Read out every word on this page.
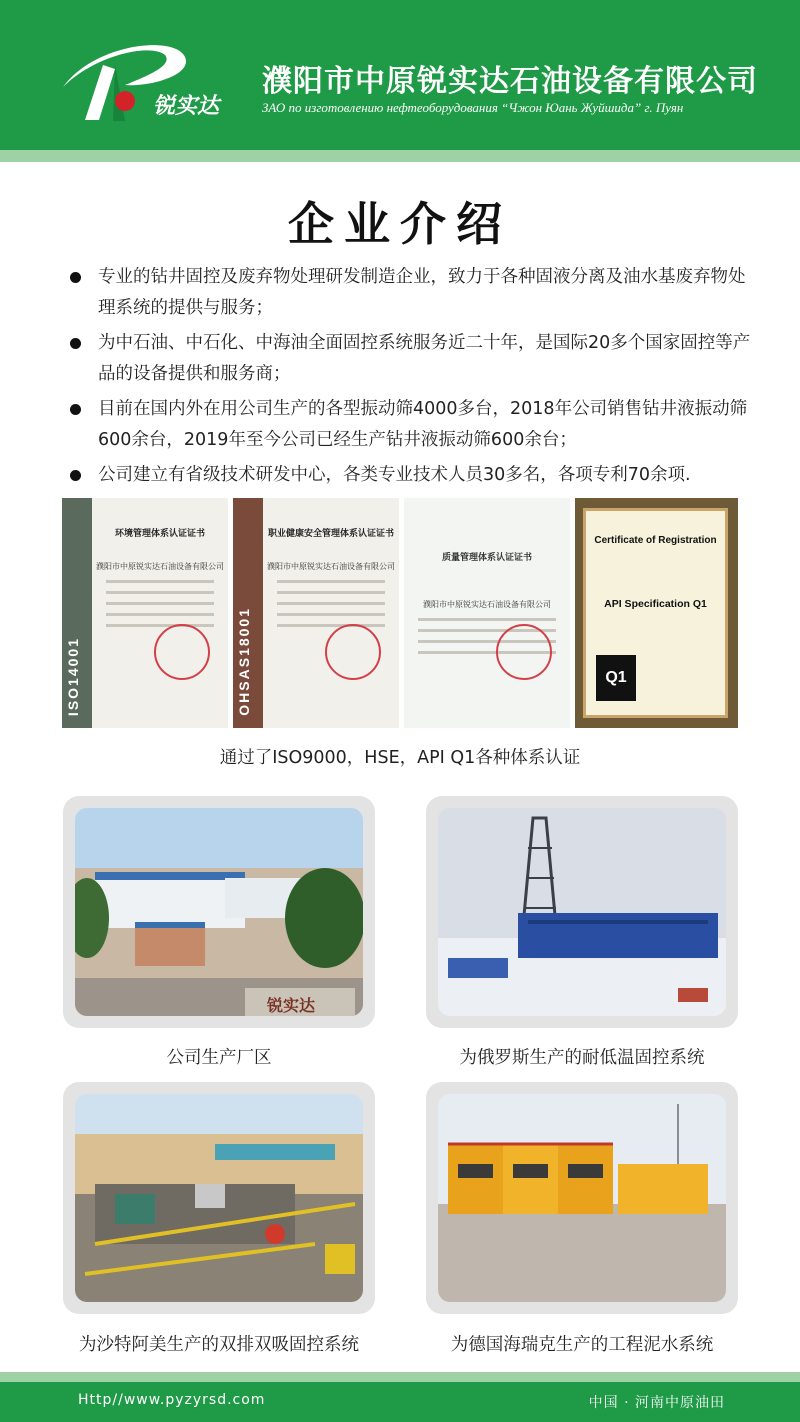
锐实达
濮阳市中原锐实达石油设备有限公司
ЗАО по изготовлению нефтеоборудования “Чжон Юань Жуйшида” г. Пуян
企业介绍
专业的钻井固控及废弃物处理研发制造企业，致力于各种固液分离及油水基废弃物处理系统的提供与服务；
为中石油、中石化、中海油全面固控系统服务近二十年，是国际20多个国家固控等产品的设备提供和服务商；
目前在国内外在用公司生产的各型振动筛4000多台，2018年公司销售钻井液振动筛600余台，2019年至今公司已经生产钻井液振动筛600余台；
公司建立有省级技术研发中心，各类专业技术人员30多名，各项专利70余项.
ISO14001
环境管理体系认证证书
濮阳市中原锐实达石油设备有限公司
OHSAS18001
职业健康安全管理体系认证证书
濮阳市中原锐实达石油设备有限公司
质量管理体系认证证书
濮阳市中原锐实达石油设备有限公司
Certificate of Registration
API Specification Q1
Q1
通过了ISO9000，HSE，API Q1各种体系认证
锐实达
公司生产厂区	为俄罗斯生产的耐低温固控系统
为沙特阿美生产的双排双吸固控系统	为德国海瑞克生产的工程泥水系统
Http//www.pyzyrsd.com	中国 · 河南中原油田
